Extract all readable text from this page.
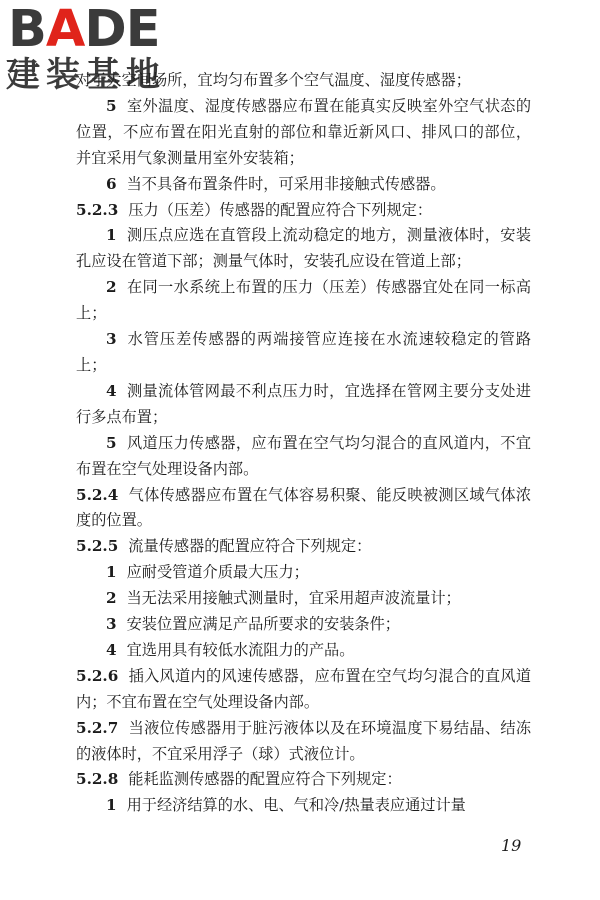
BADE
建装基地

对于大空间场所，宜均匀布置多个空气温度、湿度传感器；

5 室外温度、湿度传感器应布置在能真实反映室外空气状态的位置，不应布置在阳光直射的部位和靠近新风口、排风口的部位，并宜采用气象测量用室外安装箱；

6 当不具备布置条件时，可采用非接触式传感器。

5.2.3 压力（压差）传感器的配置应符合下列规定：

1 测压点应选在直管段上流动稳定的地方，测量液体时，安装孔应设在管道下部；测量气体时，安装孔应设在管道上部；

2 在同一水系统上布置的压力（压差）传感器宜处在同一标高上；

3 水管压差传感器的两端接管应连接在水流速较稳定的管路上；

4 测量流体管网最不利点压力时，宜选择在管网主要分支处进行多点布置；

5 风道压力传感器，应布置在空气均匀混合的直风道内，不宜布置在空气处理设备内部。

5.2.4 气体传感器应布置在气体容易积聚、能反映被测区域气体浓度的位置。

5.2.5 流量传感器的配置应符合下列规定：

1 应耐受管道介质最大压力；

2 当无法采用接触式测量时，宜采用超声波流量计；

3 安装位置应满足产品所要求的安装条件；

4 宜选用具有较低水流阻力的产品。

5.2.6 插入风道内的风速传感器，应布置在空气均匀混合的直风道内；不宜布置在空气处理设备内部。

5.2.7 当液位传感器用于脏污液体以及在环境温度下易结晶、结冻的液体时，不宜采用浮子（球）式液位计。

5.2.8 能耗监测传感器的配置应符合下列规定：

1 用于经济结算的水、电、气和冷/热量表应通过计量

19
